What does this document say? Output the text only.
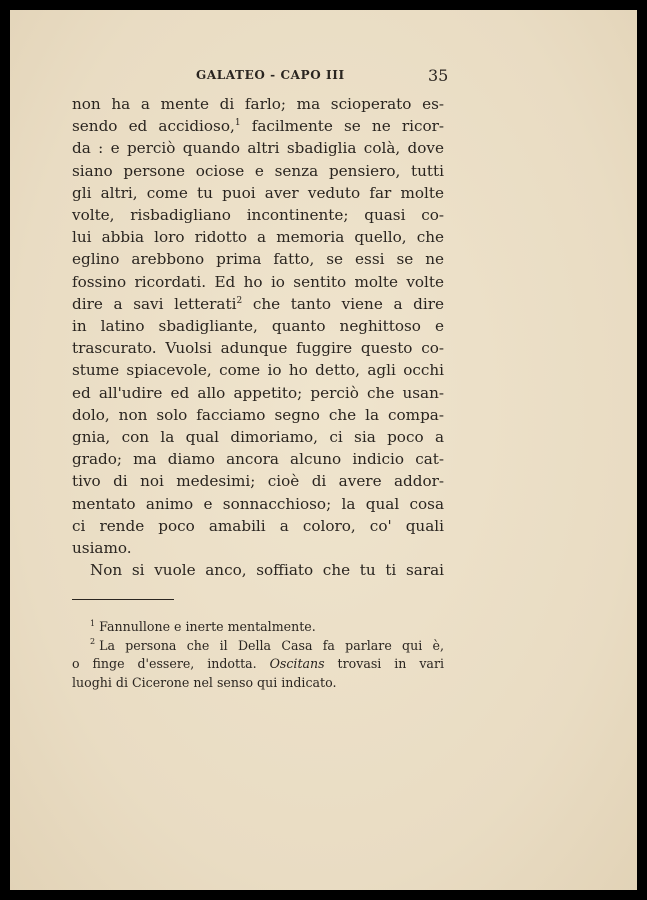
GALATEO - CAPO III	35
non ha a mente di farlo; ma scioperato es-
sendo ed accidioso,$^1$ facilmente se ne ricor-
da : e perciò quando altri sbadiglia colà, dove
siano persone ociose e senza pensiero, tutti
gli altri, come tu puoi aver veduto far molte
volte, risbadigliano incontinente; quasi co-
lui abbia loro ridotto a memoria quello, che
eglino arebbono prima fatto, se essi se ne
fossino ricordati. Ed ho io sentito molte volte
dire a savi letterati$^2$ che tanto viene a dire
in latino sbadigliante, quanto neghittoso e
trascurato. Vuolsi adunque fuggire questo co-
stume spiacevole, come io ho detto, agli occhi
ed all'udire ed allo appetito; perciò che usan-
dolo, non solo facciamo segno che la compa-
gnia, con la qual dimoriamo, ci sia poco a
grado; ma diamo ancora alcuno indicio cat-
tivo di noi medesimi; cioè di avere addor-
mentato animo e sonnacchioso; la qual cosa
ci rende poco amabili a coloro, co' quali
usiamo.
Non si vuole anco, soffiato che tu ti sarai
$^1$ Fannullone e inerte mentalmente.
$^2$ La persona che il Della Casa fa parlare qui è,
o finge d'essere, indotta. Oscitans trovasi in vari
luoghi di Cicerone nel senso qui indicato.
